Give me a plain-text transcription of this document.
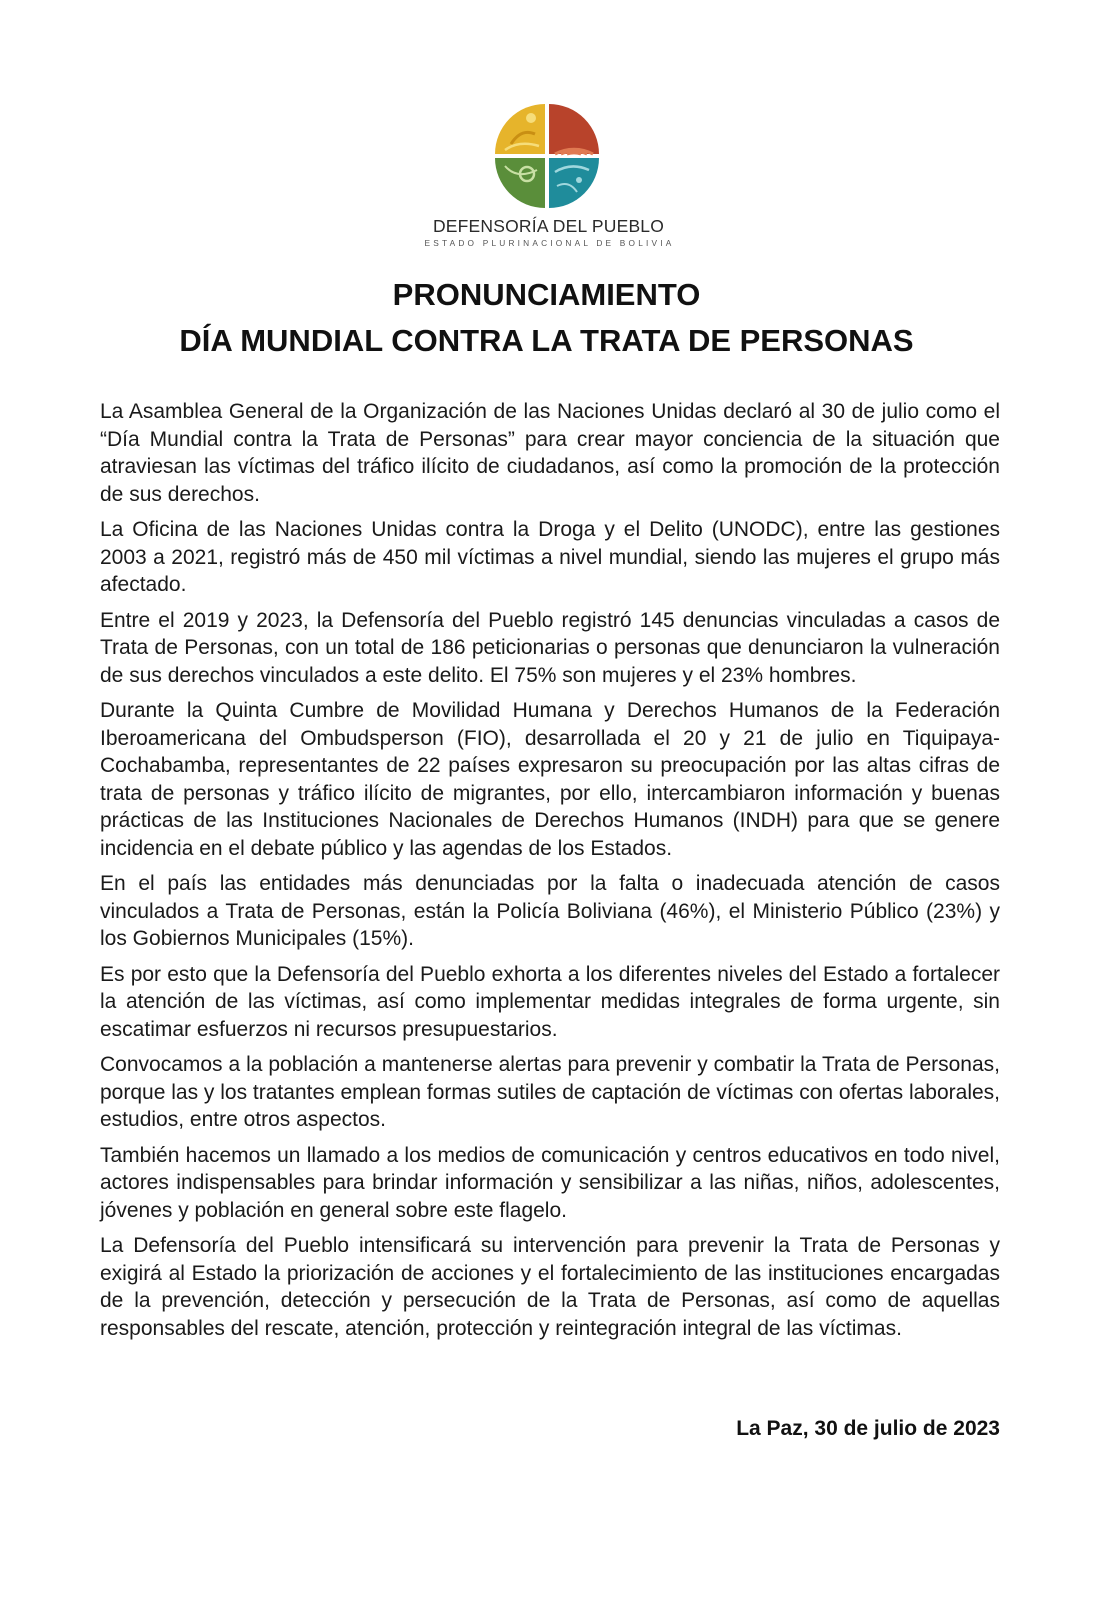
DEFENSORÍA DEL PUEBLO
ESTADO PLURINACIONAL DE BOLIVIA
PRONUNCIAMIENTO
DÍA MUNDIAL CONTRA LA TRATA DE PERSONAS

La Asamblea General de la Organización de las Naciones Unidas declaró al 30 de julio como el “Día Mundial contra la Trata de Personas” para crear mayor conciencia de la situación que atraviesan las víctimas del tráfico ilícito de ciudadanos, así como la promoción de la protección de sus derechos.

La Oficina de las Naciones Unidas contra la Droga y el Delito (UNODC), entre las gestiones 2003 a 2021, registró más de 450 mil víctimas a nivel mundial, siendo las mujeres el grupo más afectado.

Entre el 2019 y 2023, la Defensoría del Pueblo registró 145 denuncias vinculadas a casos de Trata de Personas, con un total de 186 peticionarias o personas que denunciaron la vulneración de sus derechos vinculados a este delito. El 75% son mujeres y el 23% hombres.

Durante la Quinta Cumbre de Movilidad Humana y Derechos Humanos de la Federación Iberoamericana del Ombudsperson (FIO), desarrollada el 20 y 21 de julio en Tiquipaya-Cochabamba, representantes de 22 países expresaron su preocupación por las altas cifras de trata de personas y tráfico ilícito de migrantes, por ello, intercambiaron información y buenas prácticas de las Instituciones Nacionales de Derechos Humanos (INDH) para que se genere incidencia en el debate público y las agendas de los Estados.

En el país las entidades más denunciadas por la falta o inadecuada atención de casos vinculados a Trata de Personas, están la Policía Boliviana (46%), el Ministerio Público (23%) y los Gobiernos Municipales (15%).

Es por esto que la Defensoría del Pueblo exhorta a los diferentes niveles del Estado a fortalecer la atención de las víctimas, así como implementar medidas integrales de forma urgente, sin escatimar esfuerzos ni recursos presupuestarios.

Convocamos a la población a mantenerse alertas para prevenir y combatir la Trata de Personas, porque las y los tratantes emplean formas sutiles de captación de víctimas con ofertas laborales, estudios, entre otros aspectos.

También hacemos un llamado a los medios de comunicación y centros educativos en todo nivel, actores indispensables para brindar información y sensibilizar a las niñas, niños, adolescentes, jóvenes y población en general sobre este flagelo.

La Defensoría del Pueblo intensificará su intervención para prevenir la Trata de Personas y exigirá al Estado la priorización de acciones y el fortalecimiento de las instituciones encargadas de la prevención, detección y persecución de la Trata de Personas, así como de aquellas responsables del rescate, atención, protección y reintegración integral de las víctimas.

La Paz, 30 de julio de 2023
